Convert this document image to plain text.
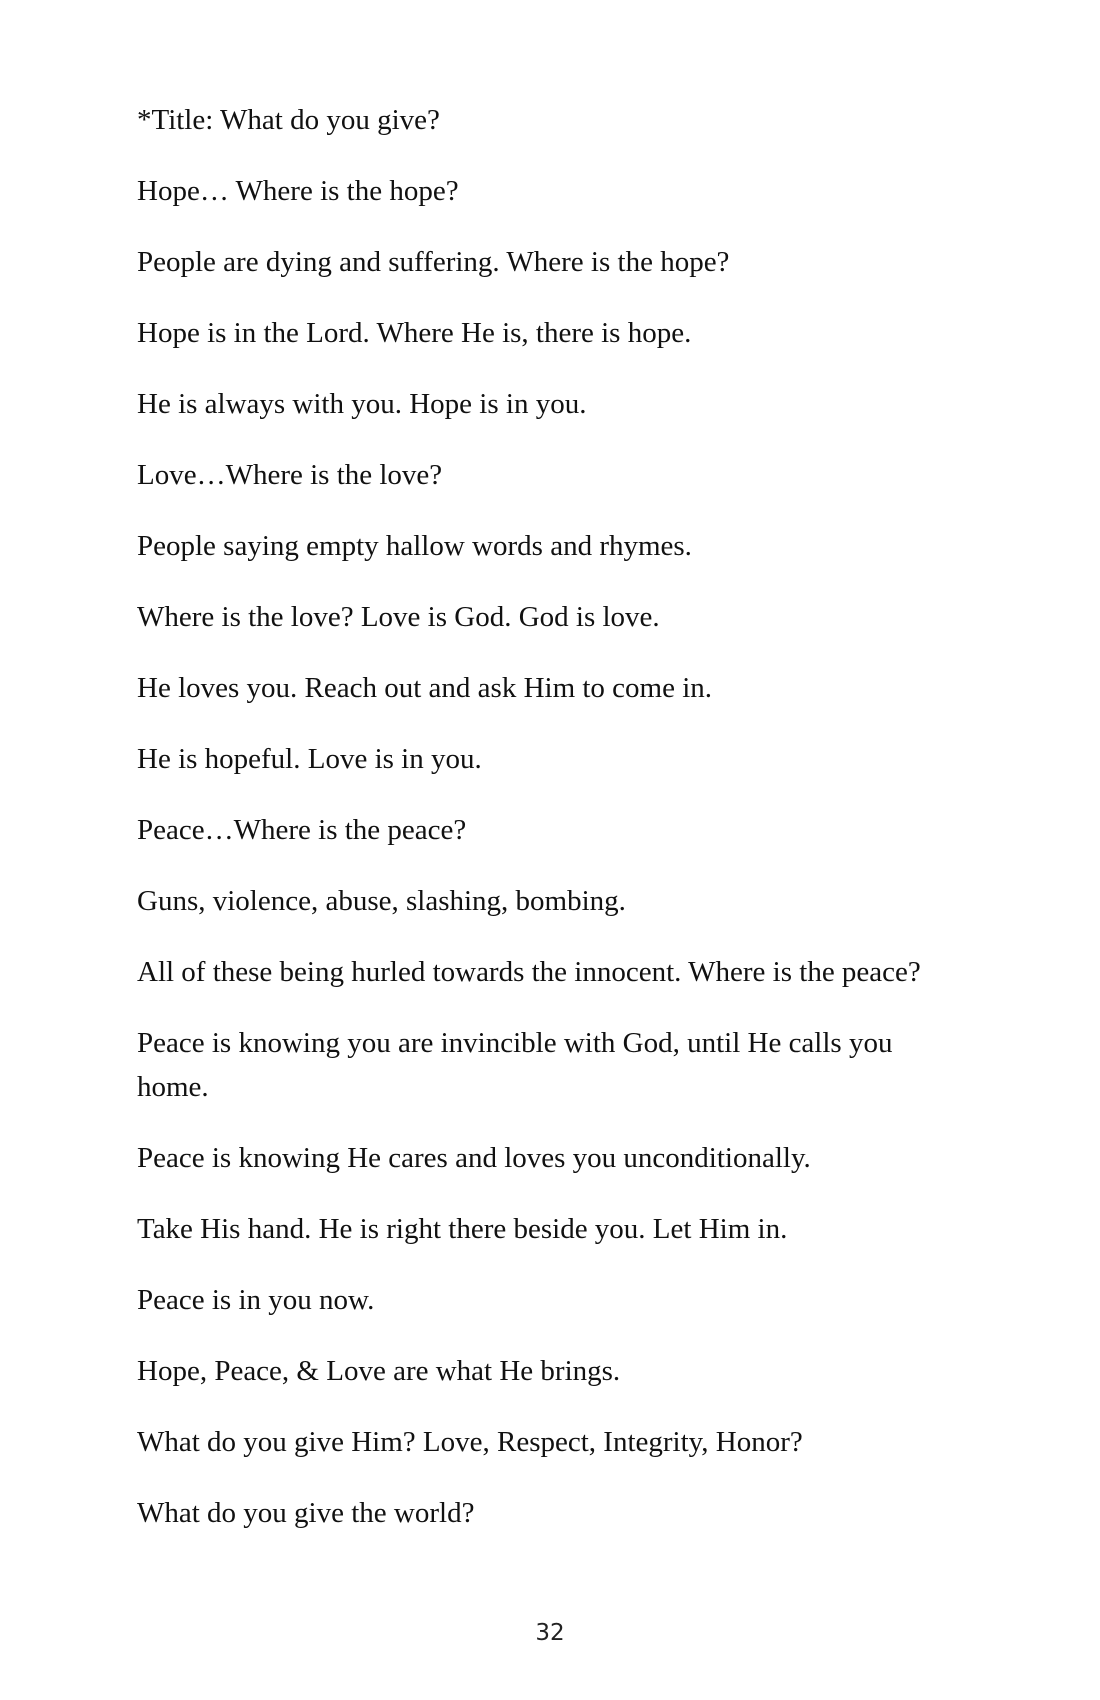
*Title: What do you give?

Hope… Where is the hope?

People are dying and suffering. Where is the hope?

Hope is in the Lord. Where He is, there is hope.

He is always with you. Hope is in you.

Love…Where is the love?

People saying empty hallow words and rhymes.

Where is the love? Love is God. God is love.

He loves you. Reach out and ask Him to come in.

He is hopeful. Love is in you.

Peace…Where is the peace?

Guns, violence, abuse, slashing, bombing.

All of these being hurled towards the innocent. Where is the peace?

Peace is knowing you are invincible with God, until He calls you home.

Peace is knowing He cares and loves you unconditionally.

Take His hand. He is right there beside you. Let Him in.

Peace is in you now.

Hope, Peace, & Love are what He brings.

What do you give Him? Love, Respect, Integrity, Honor?

What do you give the world?

32
